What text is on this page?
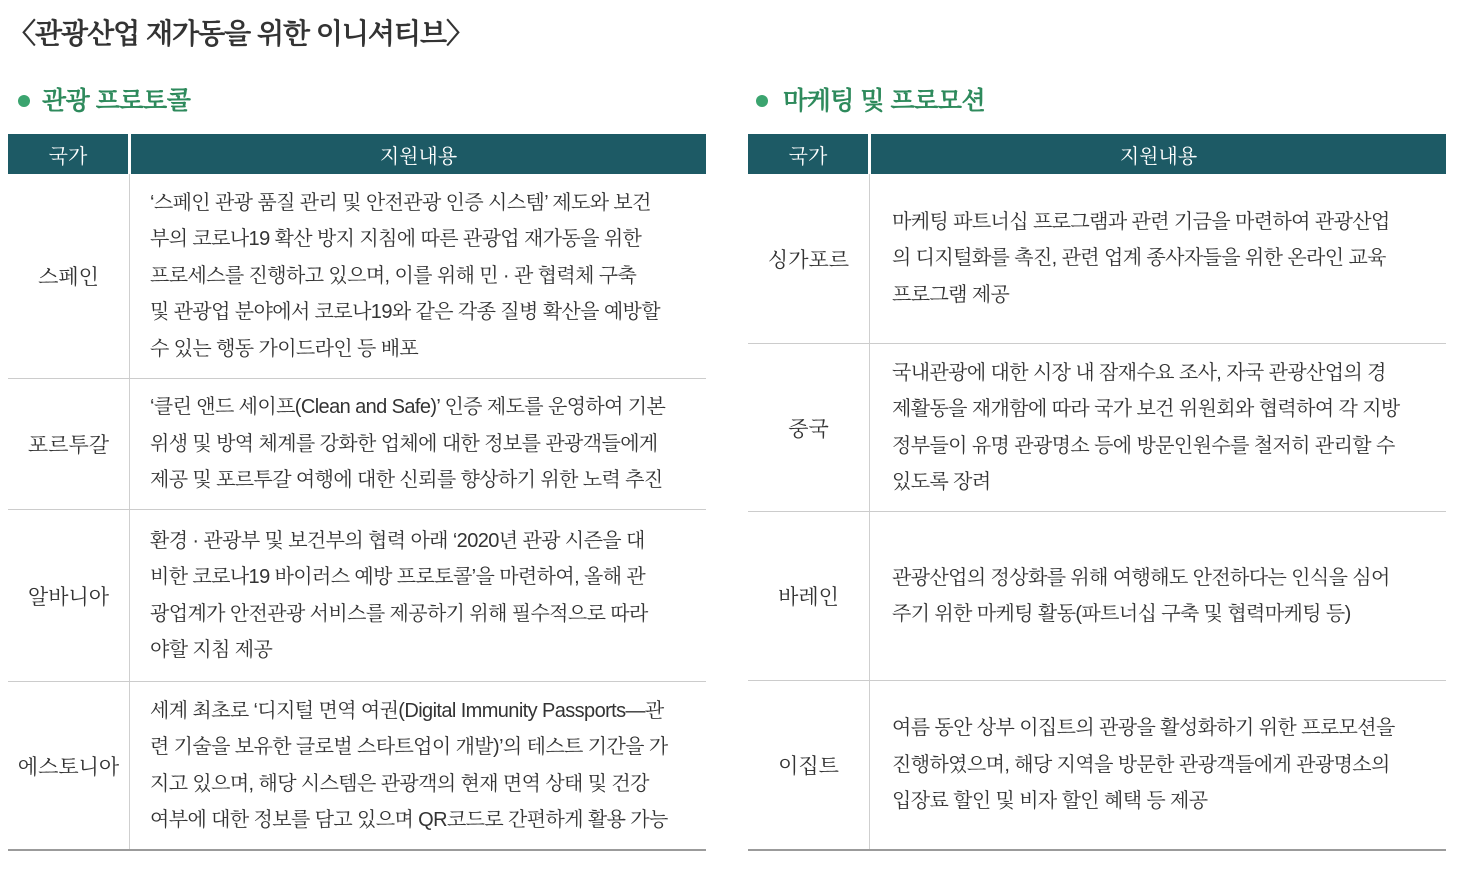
〈관광산업 재가동을 위한 이니셔티브〉
관광 프로토콜
국가	지원내용
스페인
‘스페인 관광 품질 관리 및 안전관광 인증 시스템’ 제도와 보건
부의 코로나19 확산 방지 지침에 따른 관광업 재가동을 위한
프로세스를 진행하고 있으며, 이를 위해 민 · 관 협력체 구축
및 관광업 분야에서 코로나19와 같은 각종 질병 확산을 예방할
수 있는 행동 가이드라인 등 배포
포르투갈
‘클린 앤드 세이프(Clean and Safe)’ 인증 제도를 운영하여 기본
위생 및 방역 체계를 강화한 업체에 대한 정보를 관광객들에게
제공 및 포르투갈 여행에 대한 신뢰를 향상하기 위한 노력 추진
알바니아
환경 · 관광부 및 보건부의 협력 아래 ‘2020년 관광 시즌을 대
비한 코로나19 바이러스 예방 프로토콜’을 마련하여, 올해 관
광업계가 안전관광 서비스를 제공하기 위해 필수적으로 따라
야할 지침 제공
에스토니아
세계 최초로 ‘디지털 면역 여권(Digital Immunity Passports—관
련 기술을 보유한 글로벌 스타트업이 개발)’의 테스트 기간을 가
지고 있으며, 해당 시스템은 관광객의 현재 면역 상태 및 건강
여부에 대한 정보를 담고 있으며 QR코드로 간편하게 활용 가능
마케팅 및 프로모션
국가	지원내용
싱가포르
마케팅 파트너십 프로그램과 관련 기금을 마련하여 관광산업
의 디지털화를 촉진, 관련 업계 종사자들을 위한 온라인 교육
프로그램 제공
중국
국내관광에 대한 시장 내 잠재수요 조사, 자국 관광산업의 경
제활동을 재개함에 따라 국가 보건 위원회와 협력하여 각 지방
정부들이 유명 관광명소 등에 방문인원수를 철저히 관리할 수
있도록 장려
바레인
관광산업의 정상화를 위해 여행해도 안전하다는 인식을 심어
주기 위한 마케팅 활동(파트너십 구축 및 협력마케팅 등)
이집트
여름 동안 상부 이집트의 관광을 활성화하기 위한 프로모션을
진행하였으며, 해당 지역을 방문한 관광객들에게 관광명소의
입장료 할인 및 비자 할인 혜택 등 제공
